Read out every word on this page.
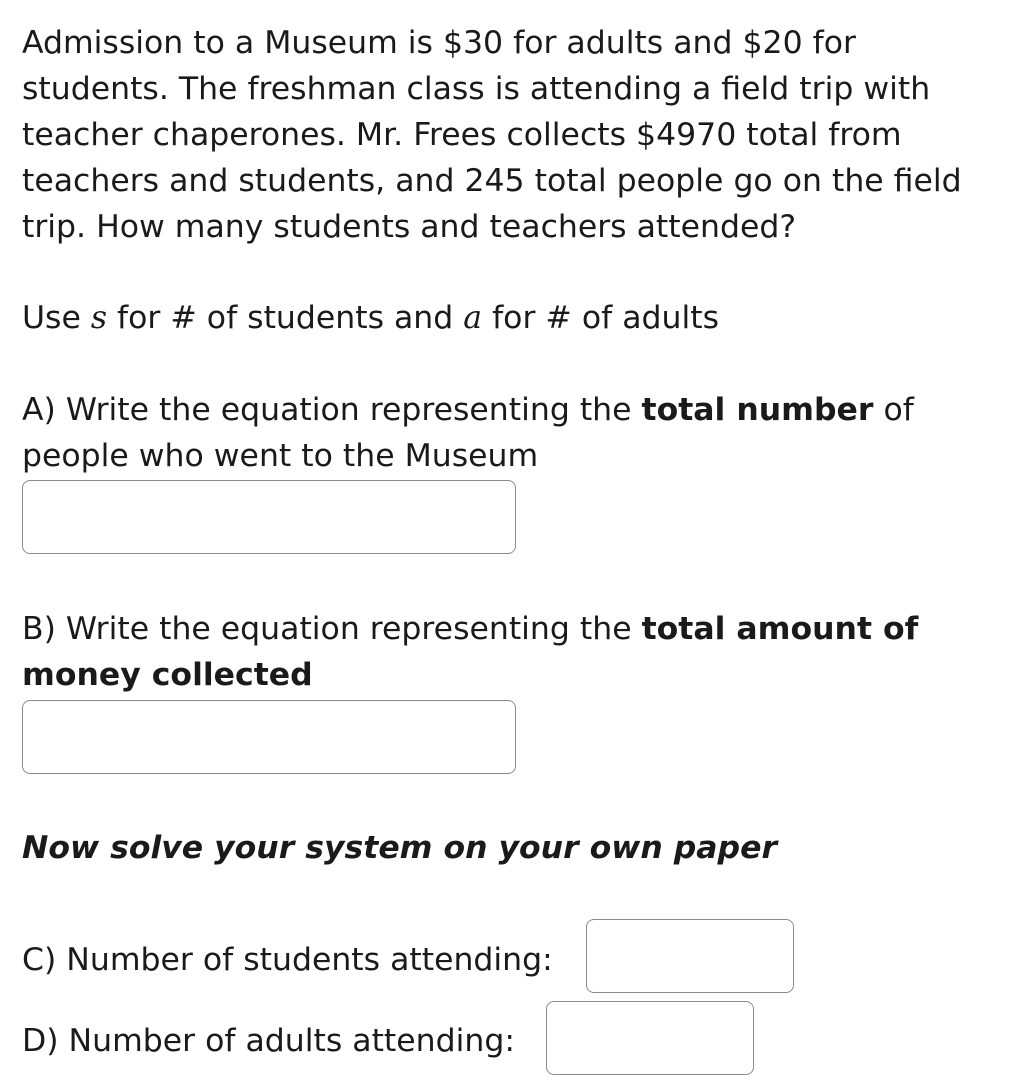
Admission to a Museum is $30 for adults and $20 for students. The freshman class is attending a field trip with teacher chaperones. Mr. Frees collects $4970 total from teachers and students, and 245 total people go on the field trip. How many students and teachers attended?

Use s for # of students and a for # of adults

A) Write the equation representing the total number of people who went to the Museum

B) Write the equation representing the total amount of money collected

Now solve your system on your own paper

C) Number of students attending:

D) Number of adults attending:
